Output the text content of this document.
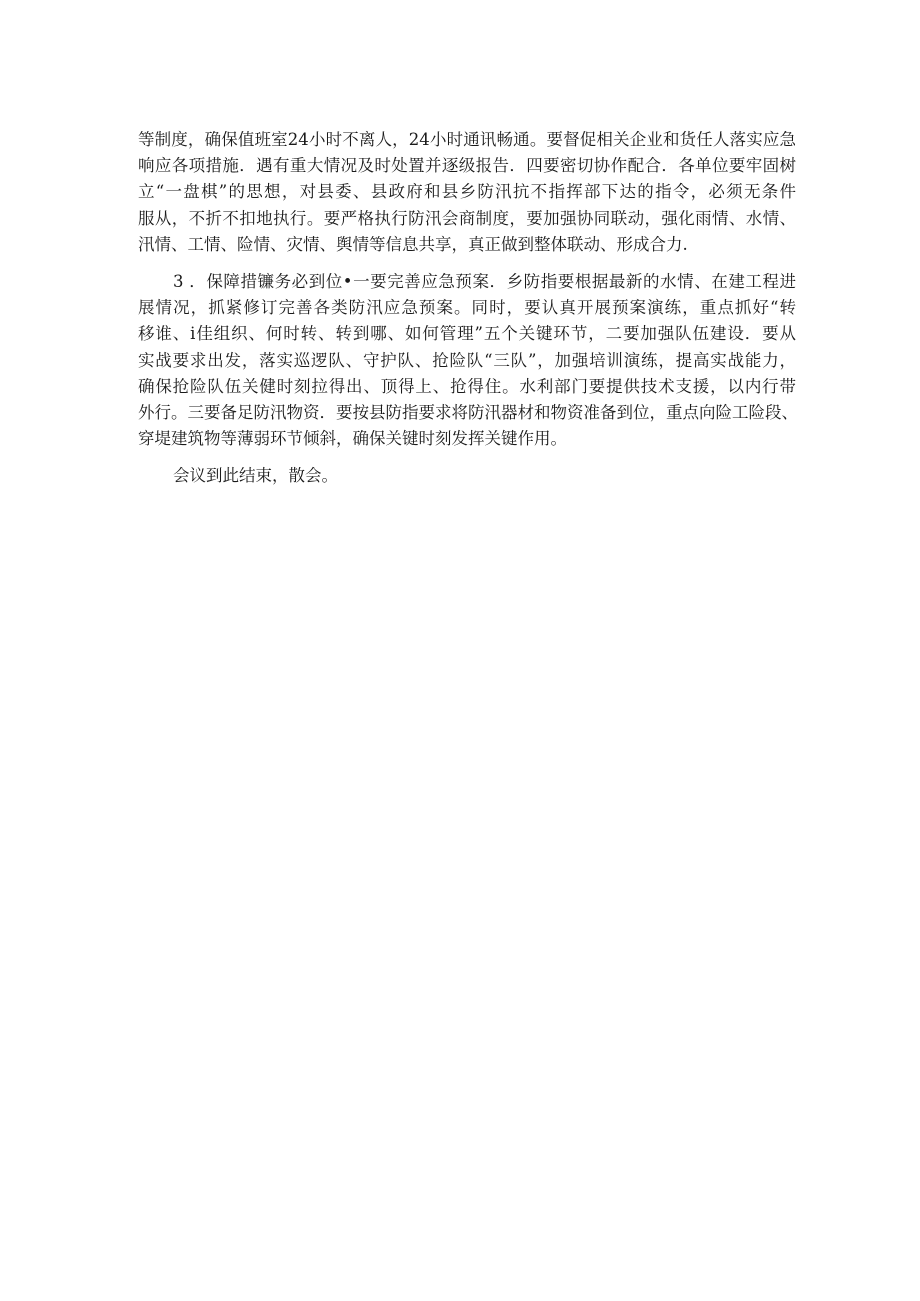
等制度，确保值班室24小时不离人，24小时通讯畅通。要督促相关企业和货任人落实应急
响应各项措施．遇有重大情况及时处置并逐级报告．四要密切协作配合．各单位要牢固树
立“一盘棋”的思想，对县委、县政府和县乡防汛抗不指挥部下达的指令，必须无条件
服从，不折不扣地执行。要严格执行防汛会商制度，要加强协同联动，强化雨情、水情、
汛情、工情、险情、灾情、舆情等信息共享，真正做到整体联动、形成合力.
3 ．保障措镰务必到位•一要完善应急预案．乡防指要根据最新的水情、在建工程进
展情况，抓紧修订完善各类防汛应急预案。同时，要认真开展预案演练，重点抓好“转
移谁、i佳组织、何时转、转到哪、如何管理”五个关键环节，二要加强队伍建设．要从
实战要求出发，落实巡逻队、守护队、抢险队“三队”，加强培训演练，提高实战能力，
确保抢险队伍关健时刻拉得出、顶得上、抢得住。水利部门要提供技术支援，以内行带
外行。三要备足防汛物资．要按县防指要求将防汛器材和物资准备到位，重点向险工险段、
穿堤建筑物等薄弱环节倾斜，确保关键时刻发挥关键作用。
会议到此结束，散会。
